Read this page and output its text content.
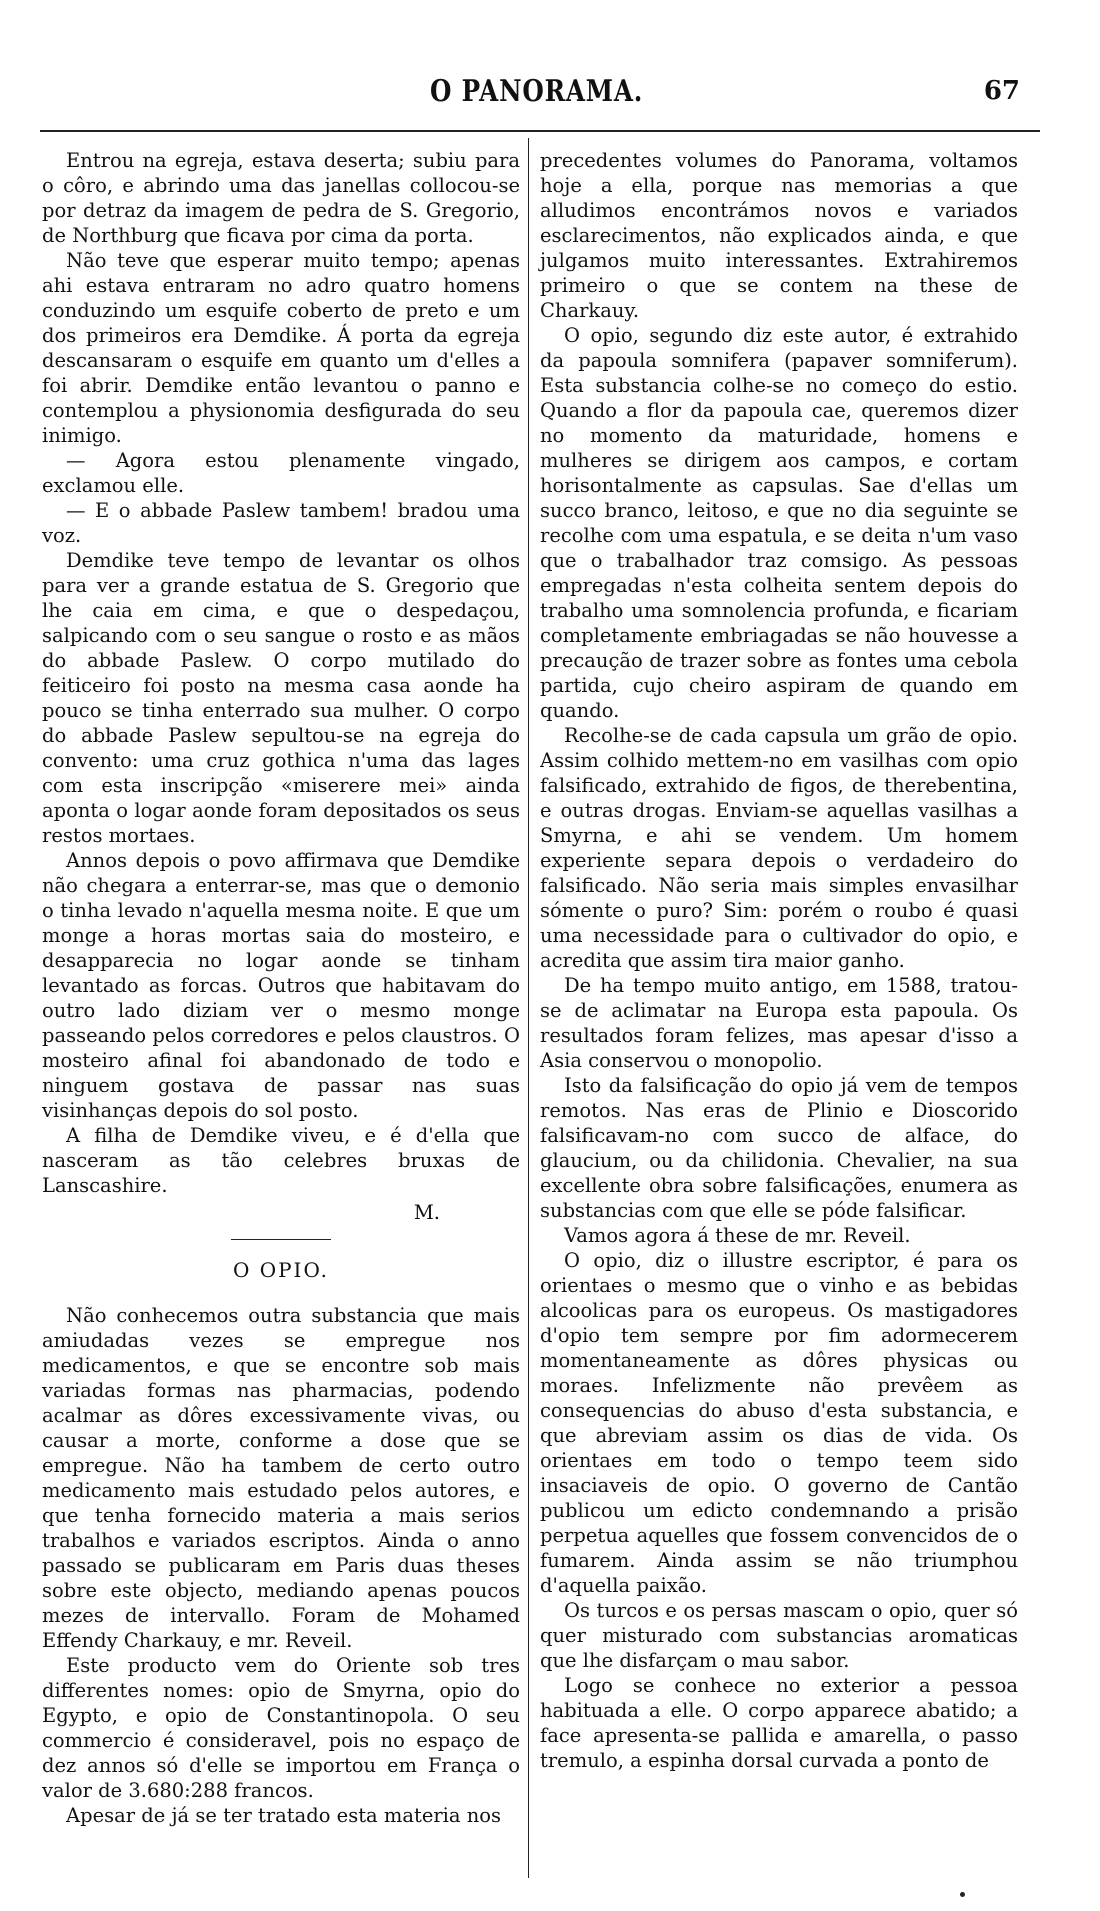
O PANORAMA.	67

Entrou na egreja, estava deserta; subiu para o côro, e abrindo uma das janellas collocou-se por detraz da imagem de pedra de S. Gregorio, de Northburg que ficava por cima da porta.

Não teve que esperar muito tempo; apenas ahi estava entraram no adro quatro homens conduzindo um esquife coberto de preto e um dos primeiros era Demdike. Á porta da egreja descansaram o esquife em quanto um d'elles a foi abrir. Demdike então levantou o panno e contemplou a physionomia desfigurada do seu inimigo.

— Agora estou plenamente vingado, exclamou elle.

— E o abbade Paslew tambem! bradou uma voz.

Demdike teve tempo de levantar os olhos para ver a grande estatua de S. Gregorio que lhe caia em cima, e que o despedaçou, salpicando com o seu sangue o rosto e as mãos do abbade Paslew. O corpo mutilado do feiticeiro foi posto na mesma casa aonde ha pouco se tinha enterrado sua mulher. O corpo do abbade Paslew sepultou-se na egreja do convento: uma cruz gothica n'uma das lages com esta inscripção «miserere mei» ainda aponta o logar aonde foram depositados os seus restos mortaes.

Annos depois o povo affirmava que Demdike não chegara a enterrar-se, mas que o demonio o tinha levado n'aquella mesma noite. E que um monge a horas mortas saia do mosteiro, e desapparecia no logar aonde se tinham levantado as forcas. Outros que habitavam do outro lado diziam ver o mesmo monge passeando pelos corredores e pelos claustros. O mosteiro afinal foi abandonado de todo e ninguem gostava de passar nas suas visinhanças depois do sol posto.

A filha de Demdike viveu, e é d'ella que nasceram as tão celebres bruxas de Lanscashire.

M.

O OPIO.

Não conhecemos outra substancia que mais amiudadas vezes se empregue nos medicamentos, e que se encontre sob mais variadas formas nas pharmacias, podendo acalmar as dôres excessivamente vivas, ou causar a morte, conforme a dose que se empregue. Não ha tambem de certo outro medicamento mais estudado pelos autores, e que tenha fornecido materia a mais serios trabalhos e variados escriptos. Ainda o anno passado se publicaram em Paris duas theses sobre este objecto, mediando apenas poucos mezes de intervallo. Foram de Mohamed Effendy Charkauy, e mr. Reveil.

Este producto vem do Oriente sob tres differentes nomes: opio de Smyrna, opio do Egypto, e opio de Constantinopola. O seu commercio é consideravel, pois no espaço de dez annos só d'elle se importou em França o valor de 3.680:288 francos.

Apesar de já se ter tratado esta materia nos

precedentes volumes do Panorama, voltamos hoje a ella, porque nas memorias a que alludimos encontrámos novos e variados esclarecimentos, não explicados ainda, e que julgamos muito interessantes. Extrahiremos primeiro o que se contem na these de Charkauy.

O opio, segundo diz este autor, é extrahido da papoula somnifera (papaver somniferum). Esta substancia colhe-se no começo do estio. Quando a flor da papoula cae, queremos dizer no momento da maturidade, homens e mulheres se dirigem aos campos, e cortam horisontalmente as capsulas. Sae d'ellas um succo branco, leitoso, e que no dia seguinte se recolhe com uma espatula, e se deita n'um vaso que o trabalhador traz comsigo. As pessoas empregadas n'esta colheita sentem depois do trabalho uma somnolencia profunda, e ficariam completamente embriagadas se não houvesse a precaução de trazer sobre as fontes uma cebola partida, cujo cheiro aspiram de quando em quando.

Recolhe-se de cada capsula um grão de opio. Assim colhido mettem-no em vasilhas com opio falsificado, extrahido de figos, de therebentina, e outras drogas. Enviam-se aquellas vasilhas a Smyrna, e ahi se vendem. Um homem experiente separa depois o verdadeiro do falsificado. Não seria mais simples envasilhar sómente o puro? Sim: porém o roubo é quasi uma necessidade para o cultivador do opio, e acredita que assim tira maior ganho.

De ha tempo muito antigo, em 1588, tratou-se de aclimatar na Europa esta papoula. Os resultados foram felizes, mas apesar d'isso a Asia conservou o monopolio.

Isto da falsificação do opio já vem de tempos remotos. Nas eras de Plinio e Dioscorido falsificavam-no com succo de alface, do glaucium, ou da chilidonia. Chevalier, na sua excellente obra sobre falsificações, enumera as substancias com que elle se póde falsificar.

Vamos agora á these de mr. Reveil.

O opio, diz o illustre escriptor, é para os orientaes o mesmo que o vinho e as bebidas alcoolicas para os europeus. Os mastigadores d'opio tem sempre por fim adormecerem momentaneamente as dôres physicas ou moraes. Infelizmente não prevêem as consequencias do abuso d'esta substancia, e que abreviam assim os dias de vida. Os orientaes em todo o tempo teem sido insaciaveis de opio. O governo de Cantão publicou um edicto condemnando a prisão perpetua aquelles que fossem convencidos de o fumarem. Ainda assim se não triumphou d'aquella paixão.

Os turcos e os persas mascam o opio, quer só quer misturado com substancias aromaticas que lhe disfarçam o mau sabor.

Logo se conhece no exterior a pessoa habituada a elle. O corpo apparece abatido; a face apresenta-se pallida e amarella, o passo tremulo, a espinha dorsal curvada a ponto de
